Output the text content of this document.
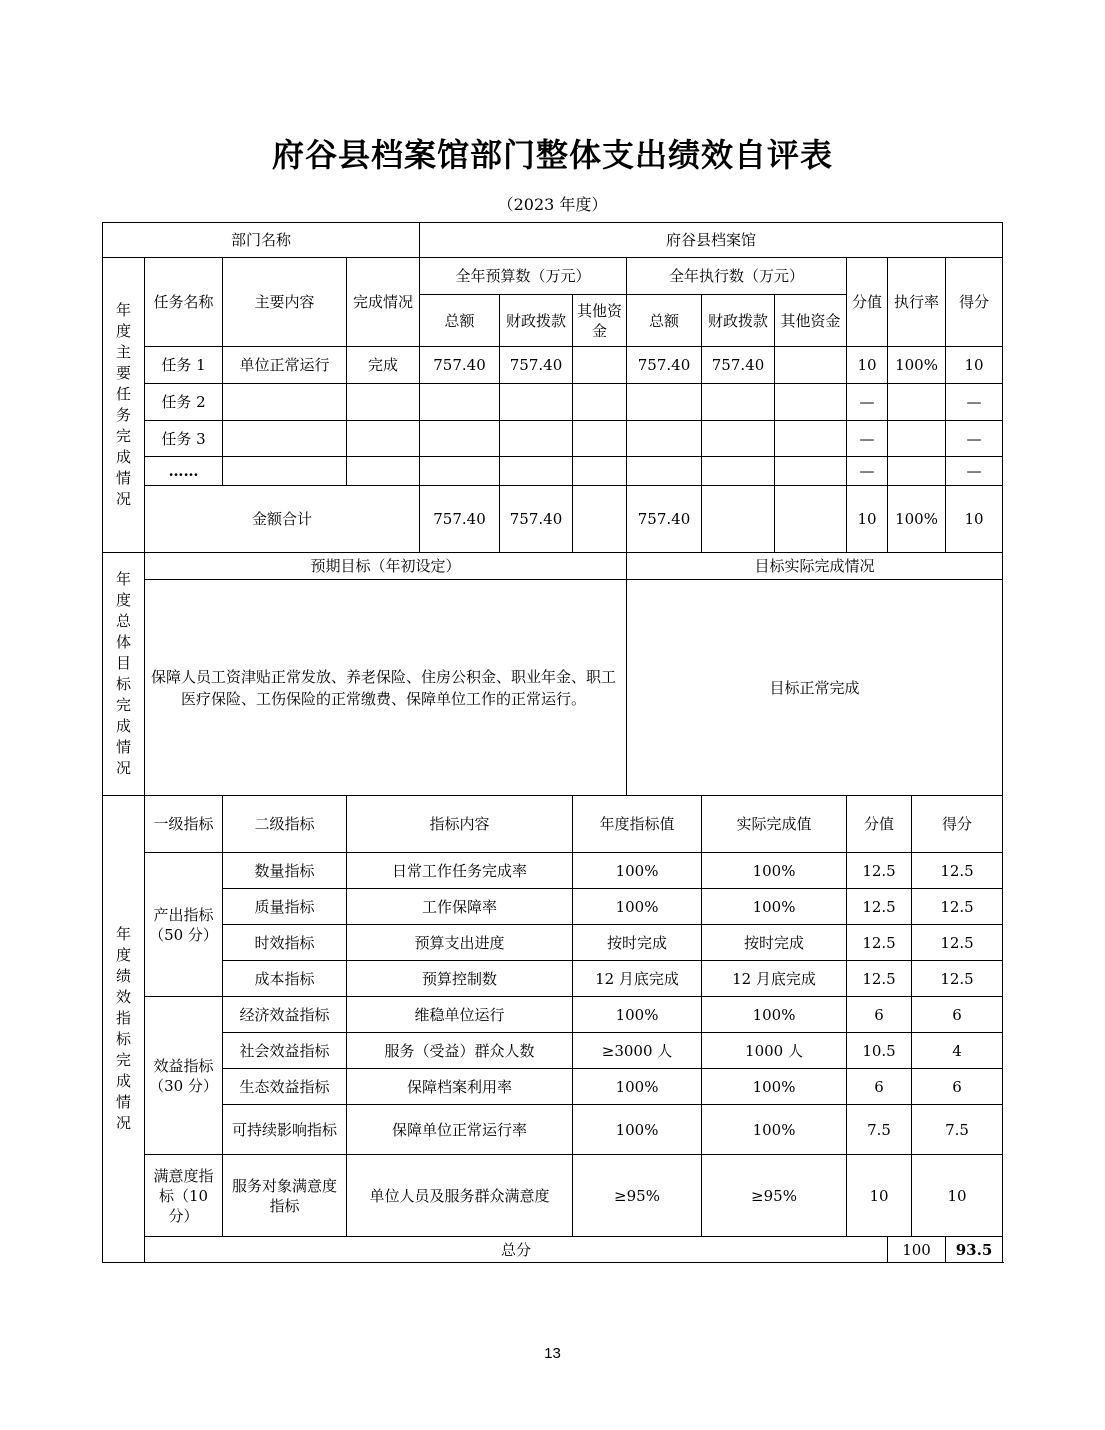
府谷县档案馆部门整体支出绩效自评表
（2023 年度）
部门名称				府谷县档案馆									

年度主要任务完成情况	任务名称	主要内容	完成情况	全年预算数（万元）			全年执行数（万元）			分值	执行率		得分
				总额	财政拨款	其他资金	总额	财政拨款	其他资金				
	任务 1	单位正常运行	完成	757.40	757.40		757.40	757.40		10	100%		10
	任务 2									—			—
	任务 3									—			—
	……									—			—
	金额合计			757.40	757.40		757.40			10	100%		10

年度总体目标完成情况	预期目标（年初设定）						目标实际完成情况						
	保障人员工资津贴正常发放、养老保险、住房公积金、职业年金、职工医疗保险、工伤保险的正常缴费、保障单位工作的正常运行。						目标正常完成						

年度绩效指标完成情况	一级指标	二级指标	指标内容			年度指标值		实际完成值		分值		得分	
	产出指标（50 分）	数量指标	日常工作任务完成率			100%		100%		12.5		12.5	
		质量指标	工作保障率			100%		100%		12.5		12.5	
		时效指标	预算支出进度			按时完成		按时完成		12.5		12.5	
		成本指标	预算控制数			12 月底完成		12 月底完成		12.5		12.5	
	效益指标（30 分）	经济效益指标	维稳单位运行			100%		100%		6		6	
		社会效益指标	服务（受益）群众人数			≥3000 人		1000 人		10.5		4	
		生态效益指标	保障档案利用率			100%		100%		6		6	
		可持续影响指标	保障单位正常运行率			100%		100%		7.5		7.5	
	满意度指标（10 分）	服务对象满意度指标	单位人员及服务群众满意度			≥95%		≥95%		10		10	
	总分										100		93.5
13
